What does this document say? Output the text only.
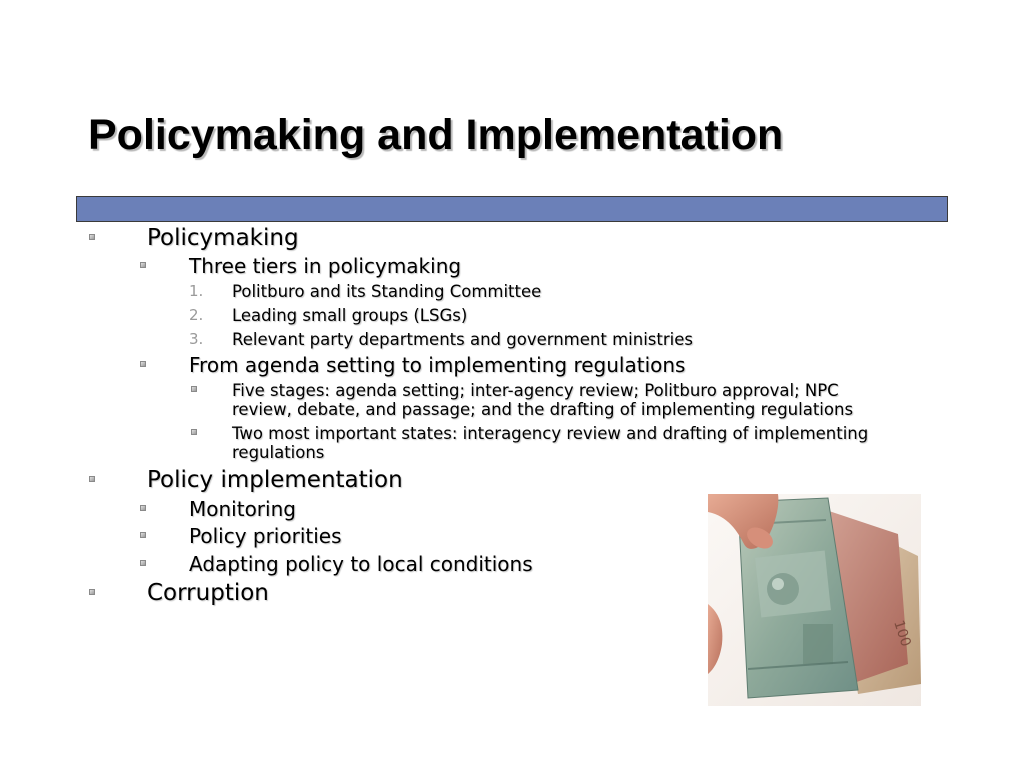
Policymaking and Implementation
Policymaking
Three tiers in policymaking
1. Politburo and its Standing Committee
2. Leading small groups (LSGs)
3. Relevant party departments and government ministries
From agenda setting to implementing regulations
Five stages: agenda setting; inter-agency review; Politburo approval; NPC
review, debate, and passage; and the drafting of implementing regulations
Two most important states: interagency review and drafting of implementing
regulations
Policy implementation
Monitoring
Policy priorities
Adapting policy to local conditions
Corruption
100
